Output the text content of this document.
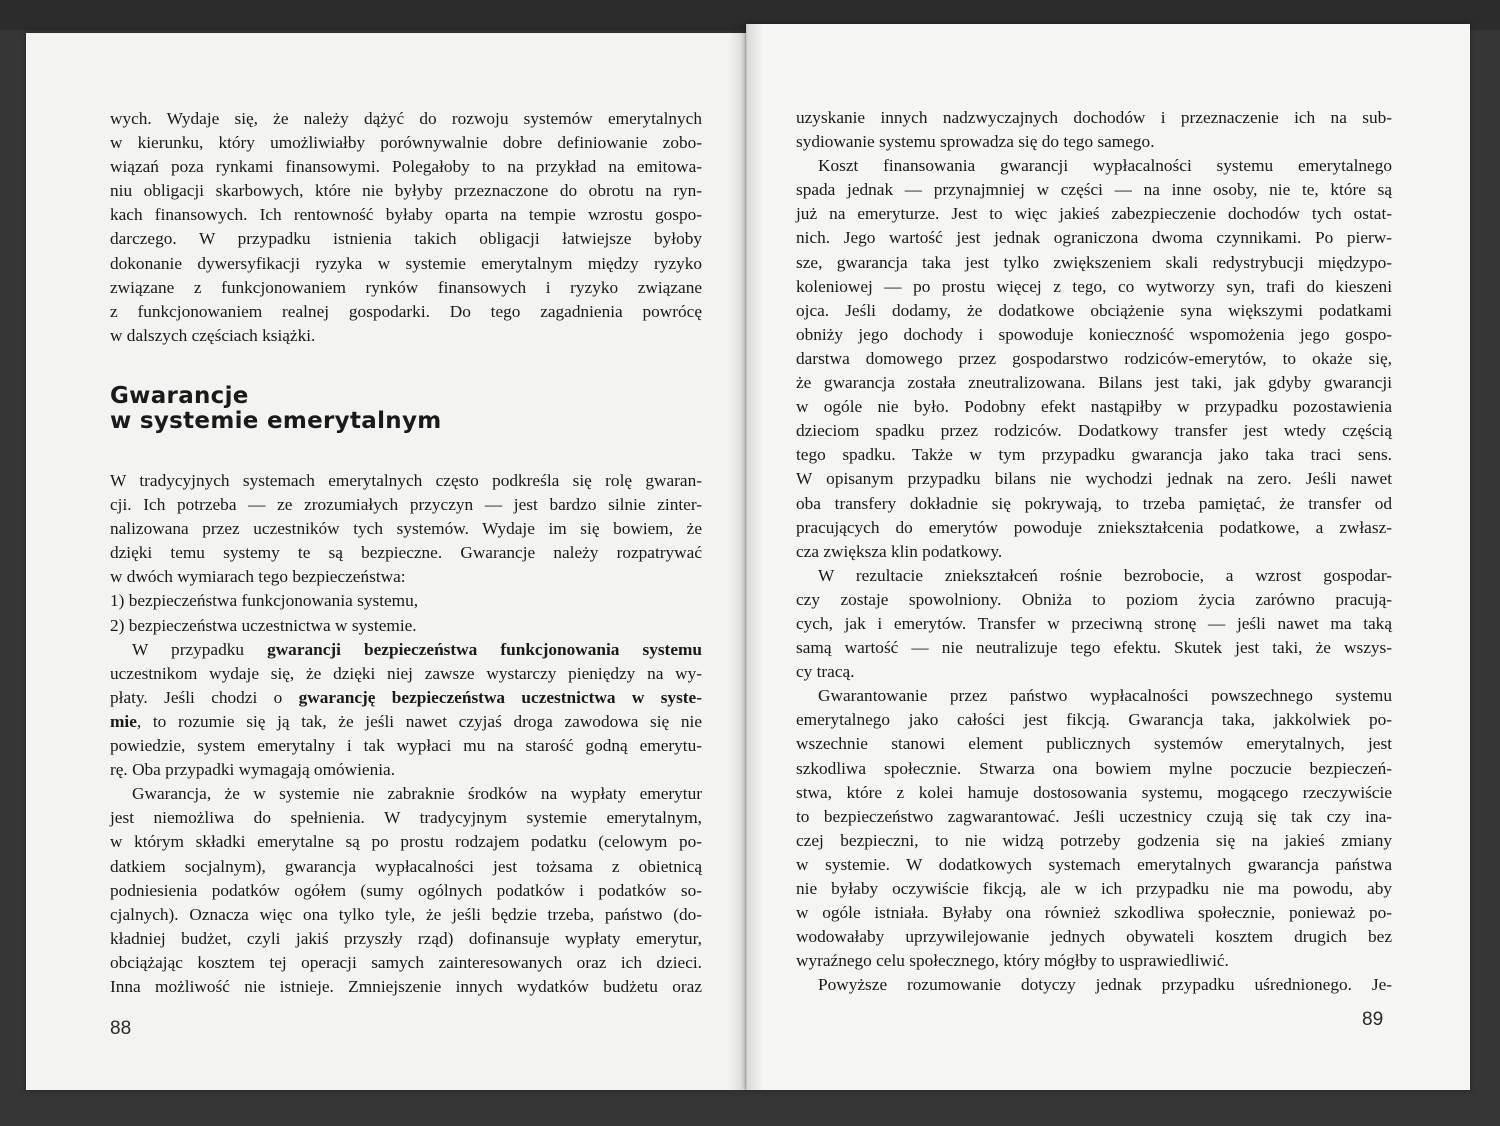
wych. Wydaje się, że należy dążyć do rozwoju systemów emerytalnych
w kierunku, który umożliwiałby porównywalnie dobre definiowanie zobo-
wiązań poza rynkami finansowymi. Polegałoby to na przykład na emitowa-
niu obligacji skarbowych, które nie byłyby przeznaczone do obrotu na ryn-
kach finansowych. Ich rentowność byłaby oparta na tempie wzrostu gospo-
darczego. W przypadku istnienia takich obligacji łatwiejsze byłoby
dokonanie dywersyfikacji ryzyka w systemie emerytalnym między ryzyko
związane z funkcjonowaniem rynków finansowych i ryzyko związane
z funkcjonowaniem realnej gospodarki. Do tego zagadnienia powrócę
w dalszych częściach książki.
Gwarancje
w systemie emerytalnym
W tradycyjnych systemach emerytalnych często podkreśla się rolę gwaran-
cji. Ich potrzeba — ze zrozumiałych przyczyn — jest bardzo silnie zinter-
nalizowana przez uczestników tych systemów. Wydaje im się bowiem, że
dzięki temu systemy te są bezpieczne. Gwarancje należy rozpatrywać
w dwóch wymiarach tego bezpieczeństwa:
1) bezpieczeństwa funkcjonowania systemu,
2) bezpieczeństwa uczestnictwa w systemie.
W przypadku gwarancji bezpieczeństwa funkcjonowania systemu
uczestnikom wydaje się, że dzięki niej zawsze wystarczy pieniędzy na wy-
płaty. Jeśli chodzi o gwarancję bezpieczeństwa uczestnictwa w syste-
mie, to rozumie się ją tak, że jeśli nawet czyjaś droga zawodowa się nie
powiedzie, system emerytalny i tak wypłaci mu na starość godną emerytu-
rę. Oba przypadki wymagają omówienia.
Gwarancja, że w systemie nie zabraknie środków na wypłaty emerytur
jest niemożliwa do spełnienia. W tradycyjnym systemie emerytalnym,
w którym składki emerytalne są po prostu rodzajem podatku (celowym po-
datkiem socjalnym), gwarancja wypłacalności jest tożsama z obietnicą
podniesienia podatków ogółem (sumy ogólnych podatków i podatków so-
cjalnych). Oznacza więc ona tylko tyle, że jeśli będzie trzeba, państwo (do-
kładniej budżet, czyli jakiś przyszły rząd) dofinansuje wypłaty emerytur,
obciążając kosztem tej operacji samych zainteresowanych oraz ich dzieci.
Inna możliwość nie istnieje. Zmniejszenie innych wydatków budżetu oraz
88
uzyskanie innych nadzwyczajnych dochodów i przeznaczenie ich na sub-
sydiowanie systemu sprowadza się do tego samego.
Koszt finansowania gwarancji wypłacalności systemu emerytalnego
spada jednak — przynajmniej w części — na inne osoby, nie te, które są
już na emeryturze. Jest to więc jakieś zabezpieczenie dochodów tych ostat-
nich. Jego wartość jest jednak ograniczona dwoma czynnikami. Po pierw-
sze, gwarancja taka jest tylko zwiększeniem skali redystrybucji międzypo-
koleniowej — po prostu więcej z tego, co wytworzy syn, trafi do kieszeni
ojca. Jeśli dodamy, że dodatkowe obciążenie syna większymi podatkami
obniży jego dochody i spowoduje konieczność wspomożenia jego gospo-
darstwa domowego przez gospodarstwo rodziców-emerytów, to okaże się,
że gwarancja została zneutralizowana. Bilans jest taki, jak gdyby gwarancji
w ogóle nie było. Podobny efekt nastąpiłby w przypadku pozostawienia
dzieciom spadku przez rodziców. Dodatkowy transfer jest wtedy częścią
tego spadku. Także w tym przypadku gwarancja jako taka traci sens.
W opisanym przypadku bilans nie wychodzi jednak na zero. Jeśli nawet
oba transfery dokładnie się pokrywają, to trzeba pamiętać, że transfer od
pracujących do emerytów powoduje zniekształcenia podatkowe, a zwłasz-
cza zwiększa klin podatkowy.
W rezultacie zniekształceń rośnie bezrobocie, a wzrost gospodar-
czy zostaje spowolniony. Obniża to poziom życia zarówno pracują-
cych, jak i emerytów. Transfer w przeciwną stronę — jeśli nawet ma taką
samą wartość — nie neutralizuje tego efektu. Skutek jest taki, że wszys-
cy tracą.
Gwarantowanie przez państwo wypłacalności powszechnego systemu
emerytalnego jako całości jest fikcją. Gwarancja taka, jakkolwiek po-
wszechnie stanowi element publicznych systemów emerytalnych, jest
szkodliwa społecznie. Stwarza ona bowiem mylne poczucie bezpieczeń-
stwa, które z kolei hamuje dostosowania systemu, mogącego rzeczywiście
to bezpieczeństwo zagwarantować. Jeśli uczestnicy czują się tak czy ina-
czej bezpieczni, to nie widzą potrzeby godzenia się na jakieś zmiany
w systemie. W dodatkowych systemach emerytalnych gwarancja państwa
nie byłaby oczywiście fikcją, ale w ich przypadku nie ma powodu, aby
w ogóle istniała. Byłaby ona również szkodliwa społecznie, ponieważ po-
wodowałaby uprzywilejowanie jednych obywateli kosztem drugich bez
wyraźnego celu społecznego, który mógłby to usprawiedliwić.
Powyższe rozumowanie dotyczy jednak przypadku uśrednionego. Je-
89
